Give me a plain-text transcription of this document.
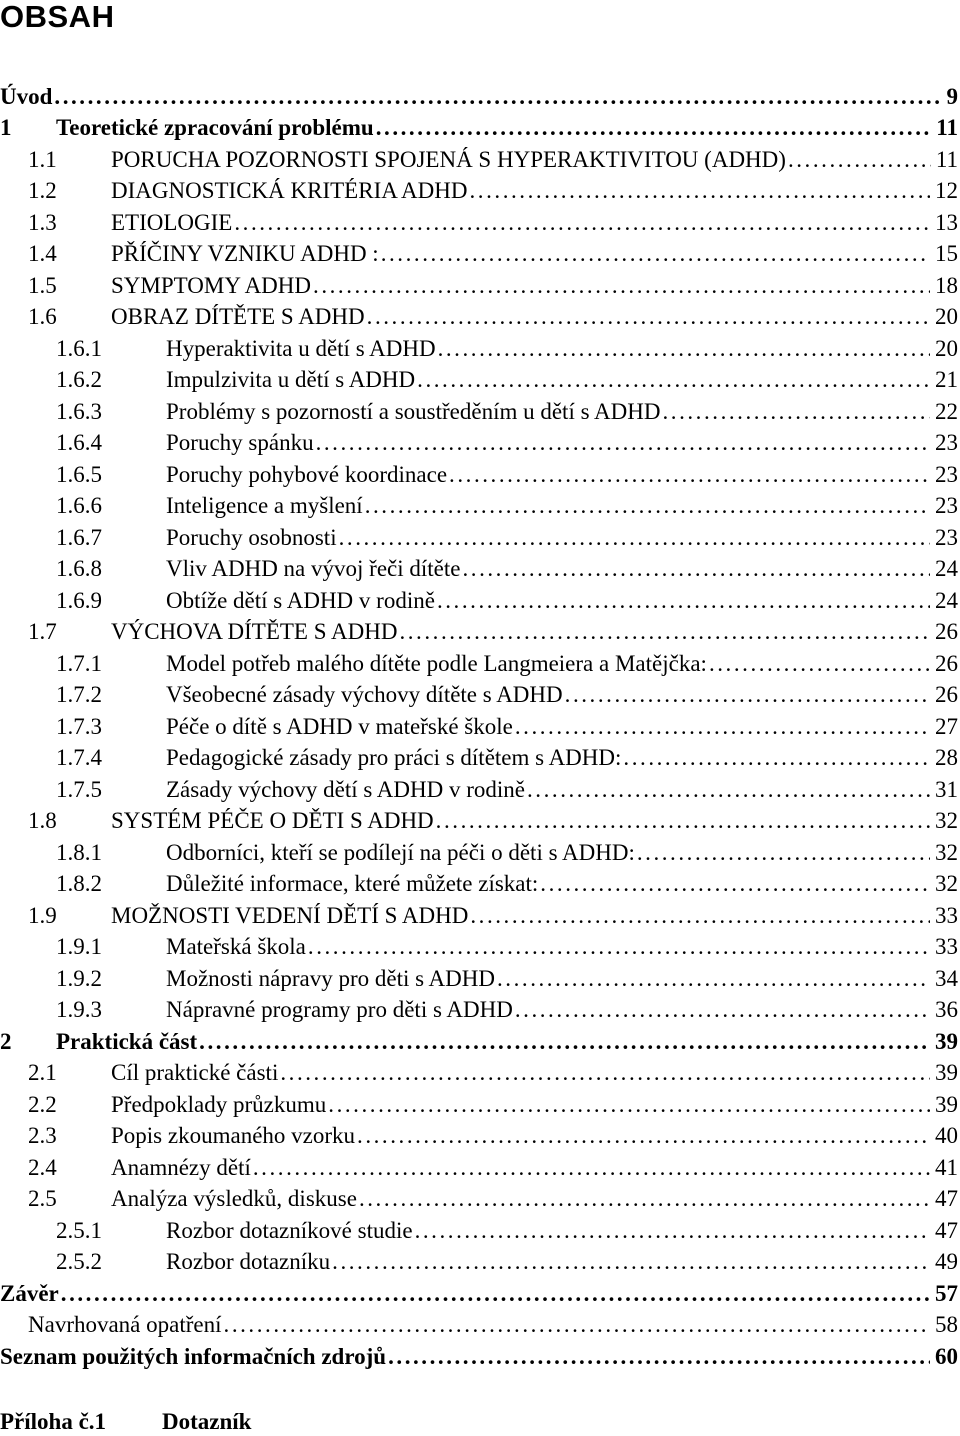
OBSAH
Úvod . . .	9
1	Teoretické zpracování problému . . .	11
1.1	PORUCHA POZORNOSTI SPOJENÁ S HYPERAKTIVITOU (ADHD) . . .	11
1.2	DIAGNOSTICKÁ KRITÉRIA ADHD . . .	12
1.3	ETIOLOGIE . . .	13
1.4	PŘÍČINY VZNIKU ADHD : . . .	15
1.5	SYMPTOMY ADHD . . .	18
1.6	OBRAZ DÍTĚTE S ADHD . . .	20
1.6.1	Hyperaktivita u dětí s ADHD . . .	20
1.6.2	Impulzivita u dětí s ADHD . . .	21
1.6.3	Problémy s pozorností a soustředěním u dětí s ADHD . . .	22
1.6.4	Poruchy spánku . . .	23
1.6.5	Poruchy pohybové koordinace . . .	23
1.6.6	Inteligence a myšlení . . .	23
1.6.7	Poruchy osobnosti . . .	23
1.6.8	Vliv ADHD na vývoj řeči dítěte . . .	24
1.6.9	Obtíže dětí s ADHD v rodině . . .	24
1.7	VÝCHOVA DÍTĚTE S ADHD . . .	26
1.7.1	Model potřeb malého dítěte podle Langmeiera a Matějčka: . . .	26
1.7.2	Všeobecné zásady výchovy dítěte s ADHD . . .	26
1.7.3	Péče o dítě s ADHD v mateřské škole . . .	27
1.7.4	Pedagogické zásady pro práci s dítětem s ADHD: . . .	28
1.7.5	Zásady výchovy dětí s ADHD v rodině . . .	31
1.8	SYSTÉM PÉČE O DĚTI S ADHD . . .	32
1.8.1	Odborníci, kteří se podílejí na péči o děti s ADHD: . . .	32
1.8.2	Důležité informace, které můžete získat: . . .	32
1.9	MOŽNOSTI VEDENÍ DĚTÍ S ADHD . . .	33
1.9.1	Mateřská škola . . .	33
1.9.2	Možnosti nápravy pro děti s ADHD . . .	34
1.9.3	Nápravné programy pro děti s ADHD . . .	36
2	Praktická část . . .	39
2.1	Cíl praktické části . . .	39
2.2	Předpoklady průzkumu . . .	39
2.3	Popis zkoumaného vzorku . . .	40
2.4	Anamnézy dětí . . .	41
2.5	Analýza výsledků, diskuse . . .	47
2.5.1	Rozbor dotazníkové studie . . .	47
2.5.2	Rozbor dotazníku . . .	49
Závěr . . .	57
Navrhovaná opatření . . .	58
Seznam použitých informačních zdrojů . . .	60
Příloha č.1 Dotazník
